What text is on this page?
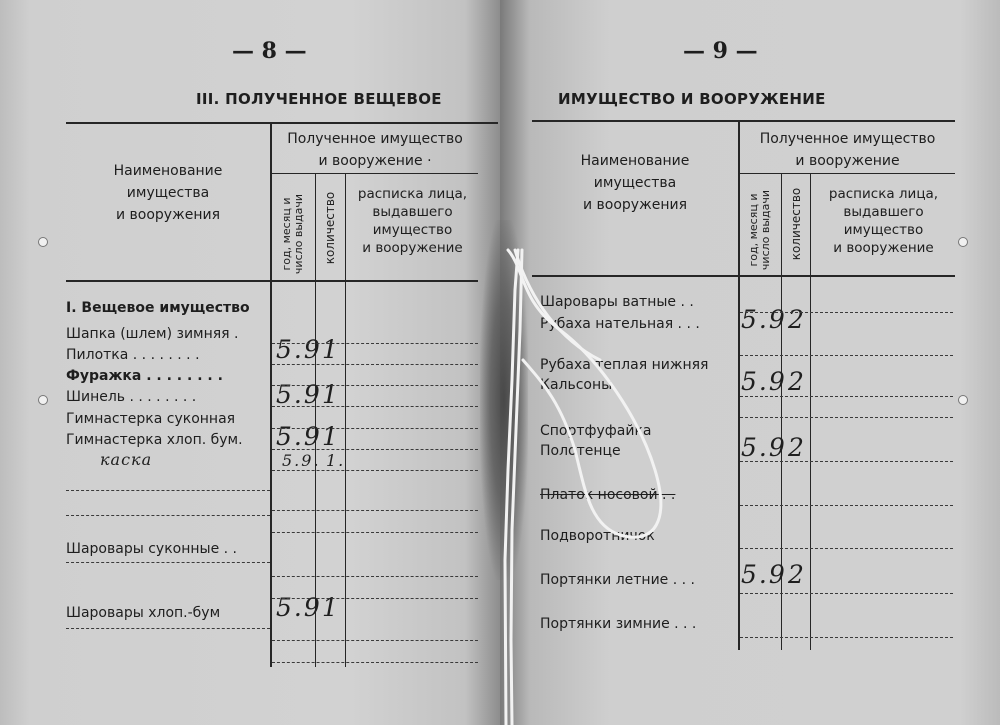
— 8 —
III. ПОЛУЧЕННОЕ ВЕЩЕВОЕ
Наименование
имущества
и вооружения
Полученное имущество
и вооружение ·
год, месяц и
число выдачи количество	расписка лица,
выдавшего
имущество
и вооружение
I. Вещевое имущество
Шапка (шлем) зимняя .
Пилотка . . . . . . . .
Фуражка . . . . . . . .
Шинель . . . . . . . .
Гимнастерка суконная
Гимнастерка хлоп. бум.
каска
Шаровары суконные . .
Шаровары хлоп.-бум
5.9 1
5.9 1
5.9 1
5.9. 1.
5.9 1
— 9 —
ИМУЩЕСТВО И ВООРУЖЕНИЕ
Наименование
имущества
и вооружения
Полученное имущество
и вооружение
год, месяц и
число выдачи количество	расписка лица,
выдавшего
имущество
и вооружение
Шаровары ватные . .
Рубаха нательная . . .
Рубаха теплая нижняя
Кальсоны
Спортфуфайка
Полотенце
Платок носовой . .
Подворотничок
Портянки летние . . .
Портянки зимние . . .
5.9 2
5.9 2
5.9 2
5.9 2
